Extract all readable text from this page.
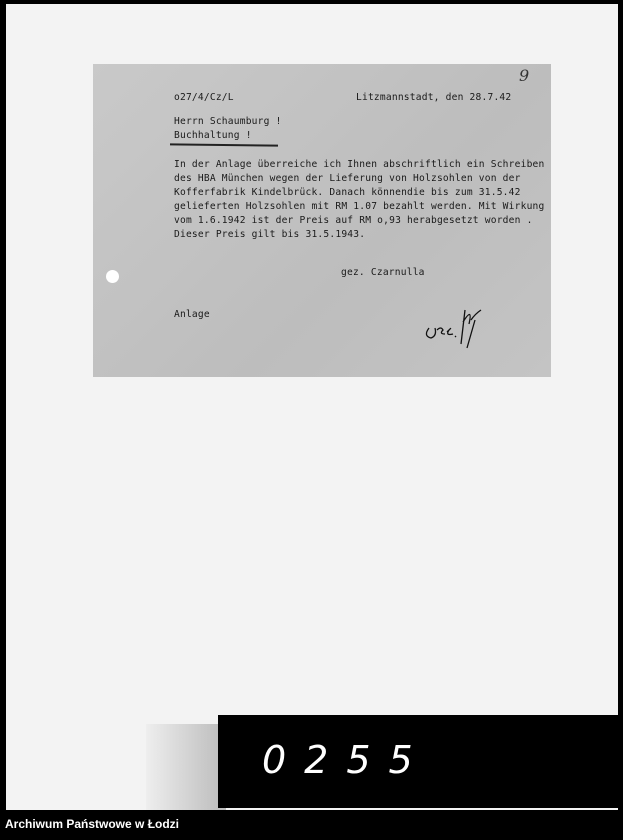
9
o27/4/Cz/L	Litzmannstadt, den 28.7.42
Herrn Schaumburg !
Buchhaltung !
In der Anlage überreiche ich Ihnen abschriftlich ein Schreiben
des HBA München wegen der Lieferung von Holzsohlen von der
Kofferfabrik Kindelbrück. Danach könnendie bis zum 31.5.42
gelieferten Holzsohlen mit RM 1.07 bezahlt werden. Mit Wirkung
vom 1.6.1942 ist der Preis auf RM o,93 herabgesetzt worden .
Dieser Preis gilt bis 31.5.1943.
gez. Czarnulla
Anlage
0255
Archiwum Państwowe w Łodzi
